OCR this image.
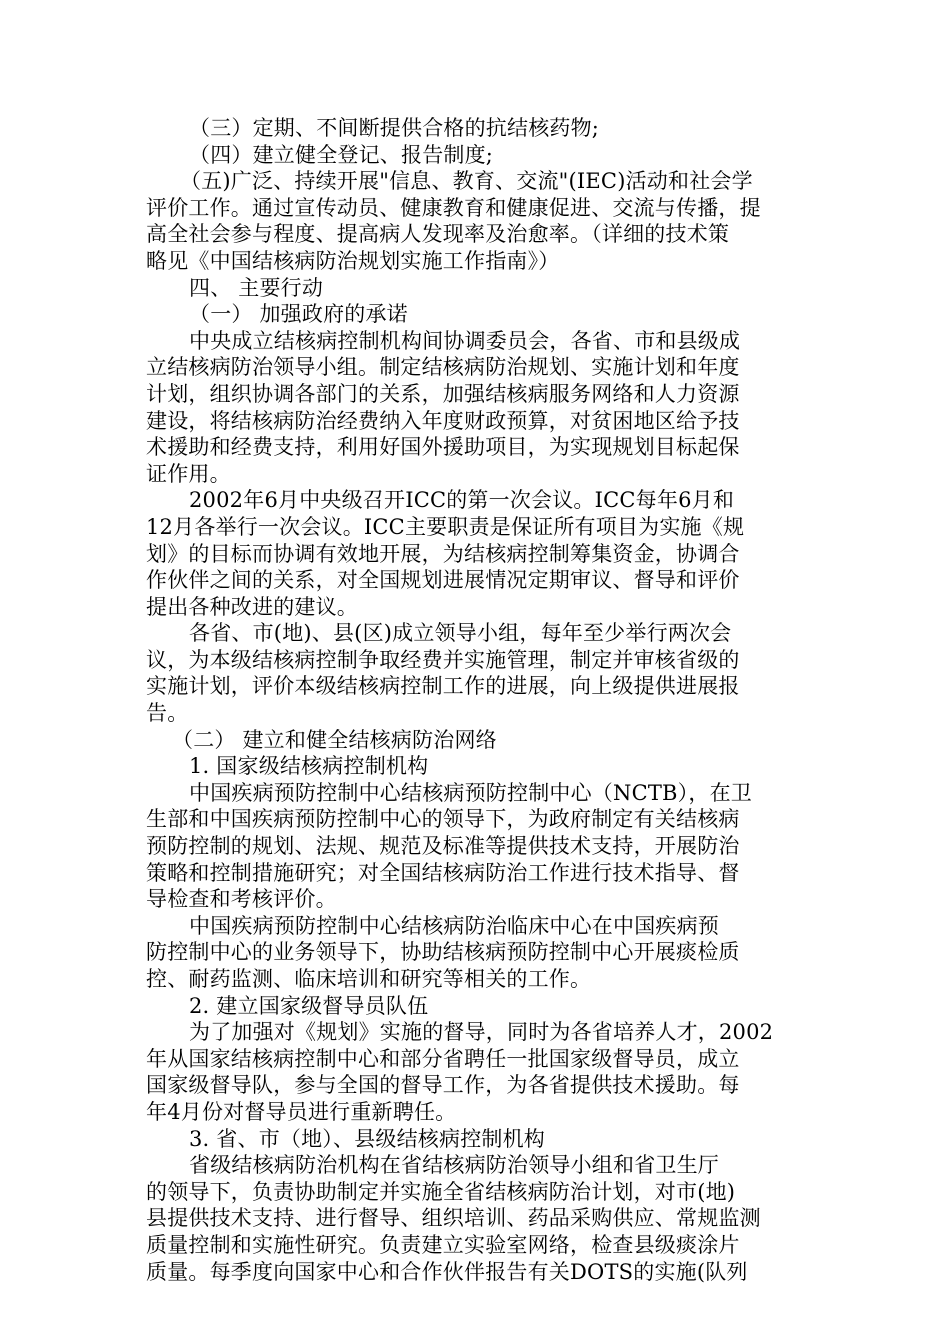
（三）定期、不间断提供合格的抗结核药物;
（四）建立健全登记、报告制度;
（五)广泛、持续开展"信息、教育、交流"(IEC)活动和社会学
评价工作。通过宣传动员、健康教育和健康促进、交流与传播，提
高全社会参与程度、提高病人发现率及治愈率。（详细的技术策
略见《中国结核病防治规划实施工作指南》）
四、 主要行动
（一） 加强政府的承诺
中央成立结核病控制机构间协调委员会，各省、市和县级成
立结核病防治领导小组。制定结核病防治规划、实施计划和年度
计划，组织协调各部门的关系，加强结核病服务网络和人力资源
建设，将结核病防治经费纳入年度财政预算，对贫困地区给予技
术援助和经费支持，利用好国外援助项目，为实现规划目标起保
证作用。
2002年6月中央级召开ICC的第一次会议。ICC每年6月和
12月各举行一次会议。ICC主要职责是保证所有项目为实施《规
划》的目标而协调有效地开展，为结核病控制筹集资金，协调合
作伙伴之间的关系，对全国规划进展情况定期审议、督导和评价
提出各种改进的建议。
各省、市(地)、县(区)成立领导小组，每年至少举行两次会
议，为本级结核病控制争取经费并实施管理，制定并审核省级的
实施计划，评价本级结核病控制工作的进展，向上级提供进展报
告。
（二） 建立和健全结核病防治网络
1. 国家级结核病控制机构
中国疾病预防控制中心结核病预防控制中心（NCTB），在卫
生部和中国疾病预防控制中心的领导下，为政府制定有关结核病
预防控制的规划、法规、规范及标准等提供技术支持，开展防治
策略和控制措施研究；对全国结核病防治工作进行技术指导、督
导检查和考核评价。
中国疾病预防控制中心结核病防治临床中心在中国疾病预
防控制中心的业务领导下，协助结核病预防控制中心开展痰检质
控、耐药监测、临床培训和研究等相关的工作。
2. 建立国家级督导员队伍
为了加强对《规划》实施的督导，同时为各省培养人才，2002
年从国家结核病控制中心和部分省聘任一批国家级督导员，成立
国家级督导队，参与全国的督导工作，为各省提供技术援助。每
年4月份对督导员进行重新聘任。
3. 省、市（地）、县级结核病控制机构
省级结核病防治机构在省结核病防治领导小组和省卫生厅
的领导下，负责协助制定并实施全省结核病防治计划，对市(地)
县提供技术支持、进行督导、组织培训、药品采购供应、常规监测
质量控制和实施性研究。负责建立实验室网络，检查县级痰涂片
质量。每季度向国家中心和合作伙伴报告有关DOTS的实施(队列
